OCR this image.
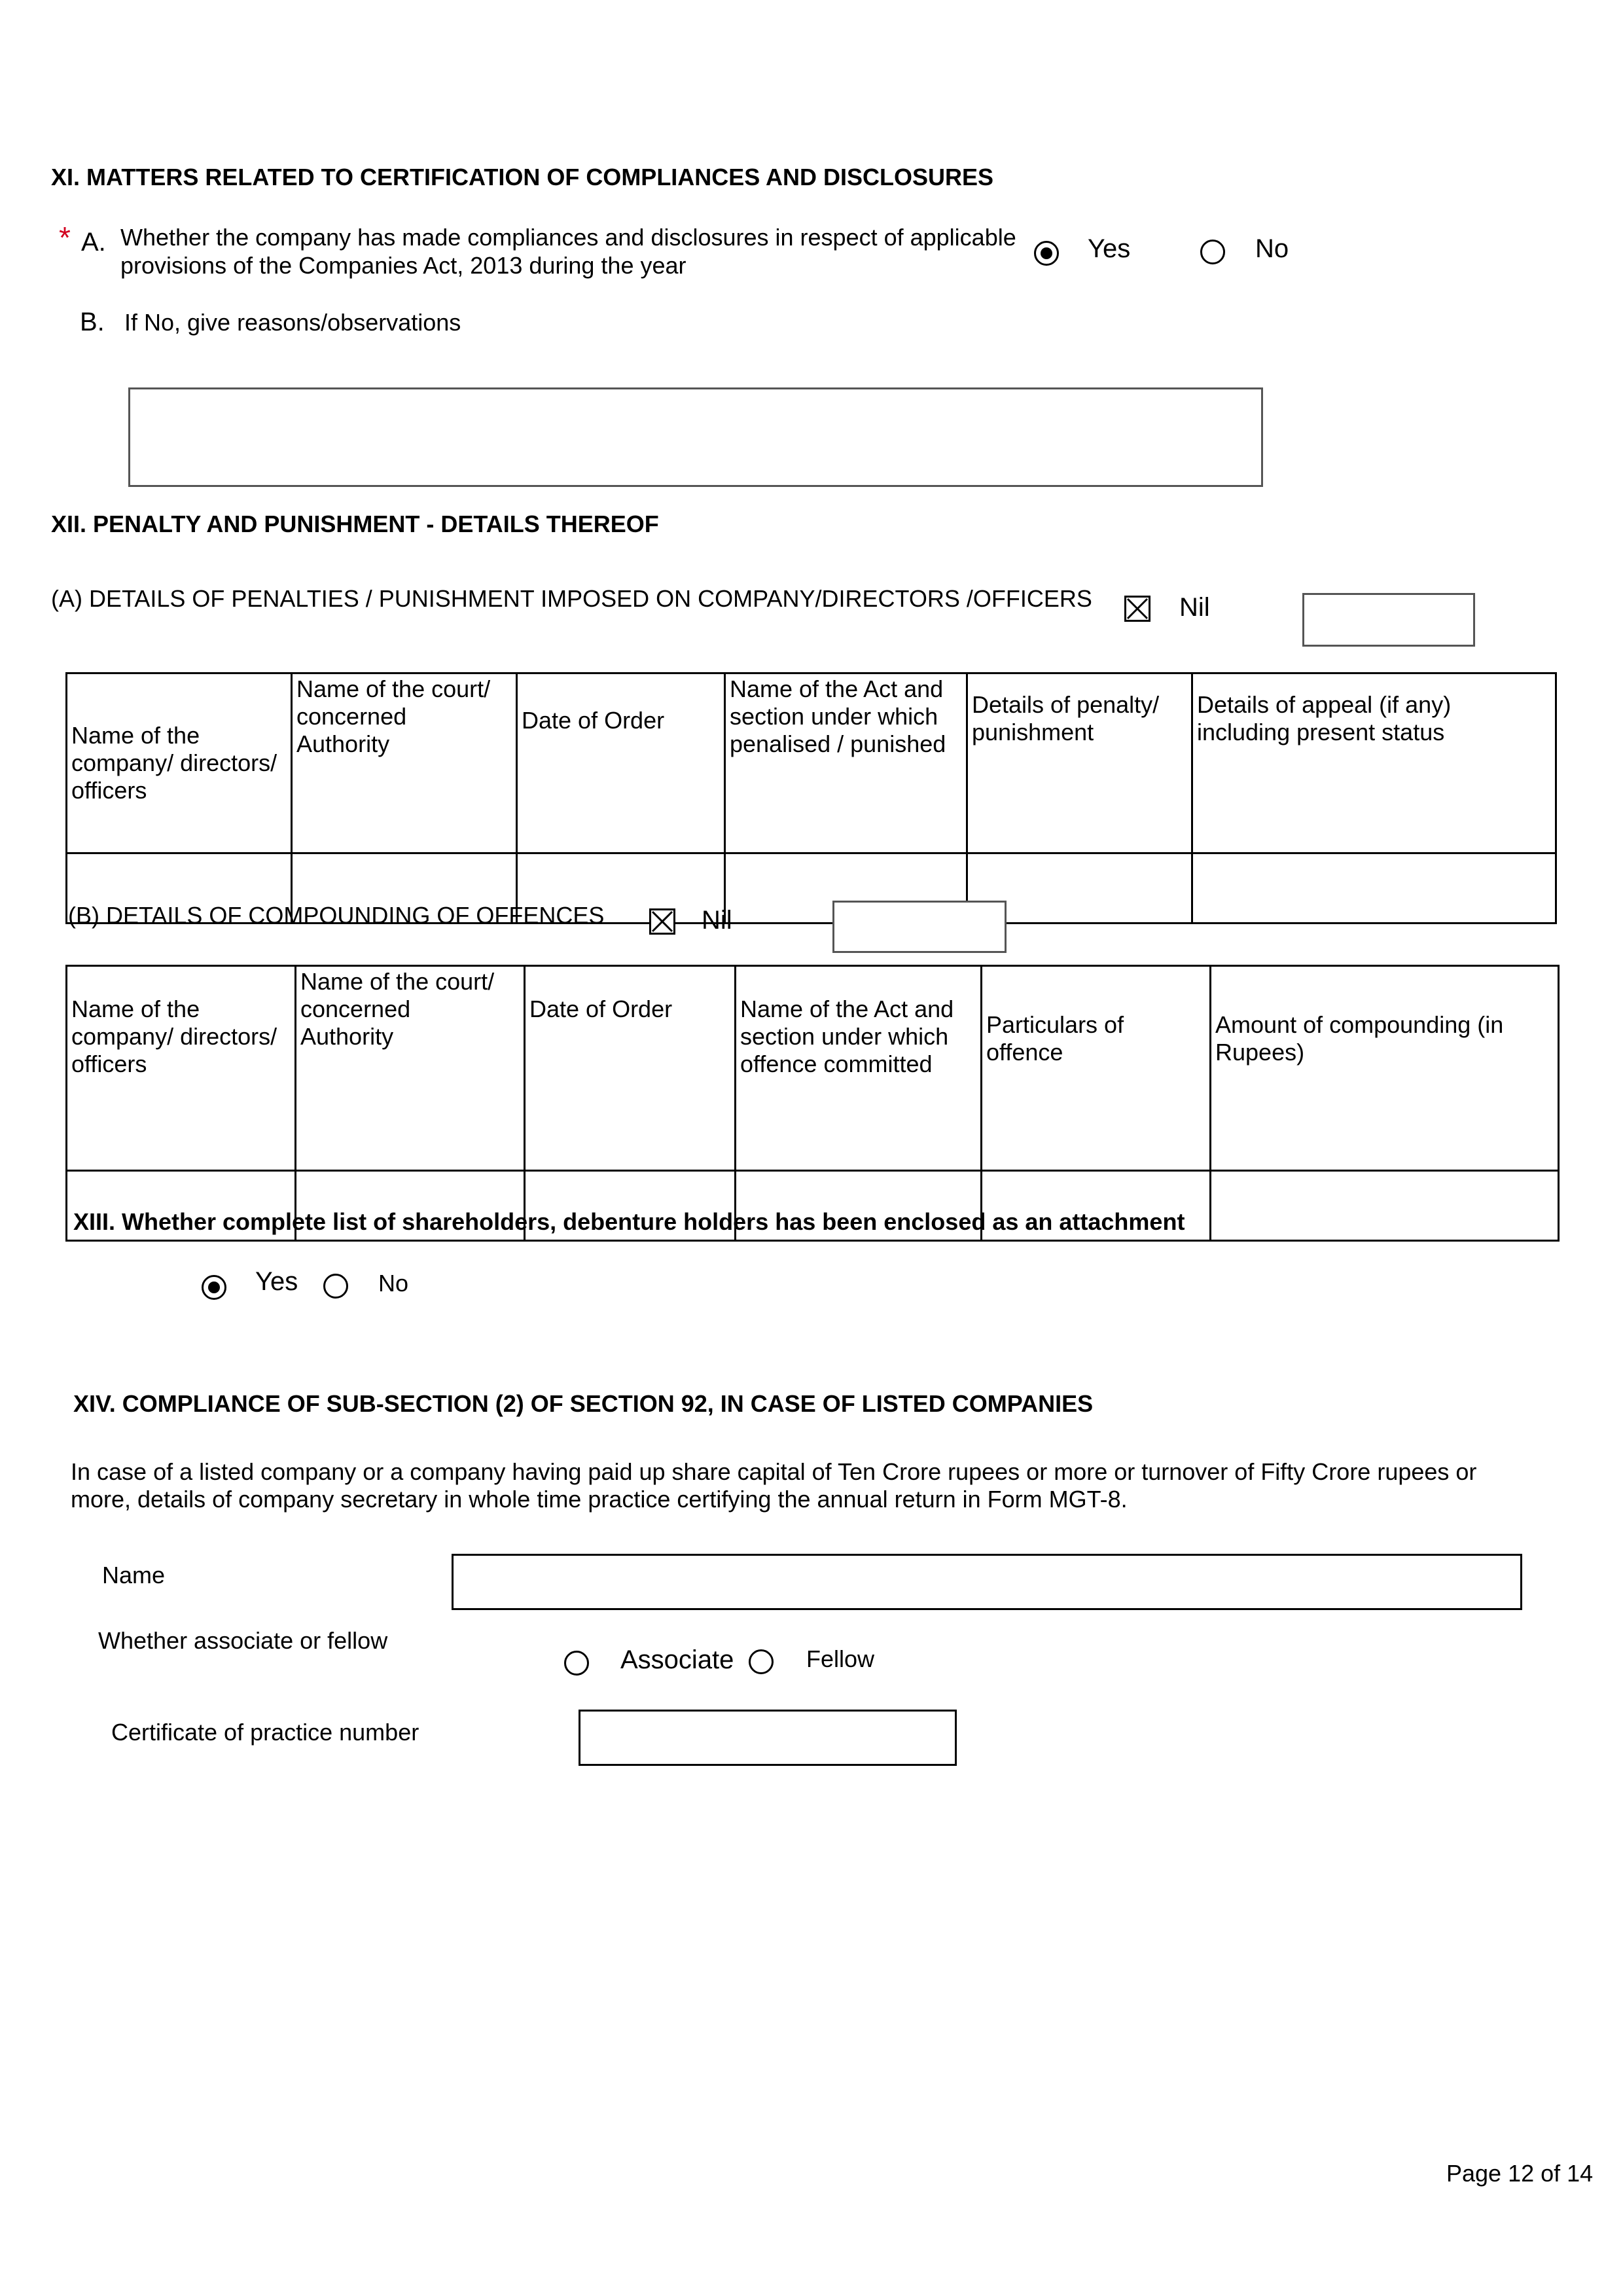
XI. MATTERS RELATED TO CERTIFICATION OF COMPLIANCES AND DISCLOSURES
* A. Whether the company has made compliances and disclosures in respect of applicable
provisions of the Companies Act, 2013 during the year
Yes	No
B. If No, give reasons/observations
XII. PENALTY AND PUNISHMENT - DETAILS THEREOF
(A) DETAILS OF PENALTIES / PUNISHMENT IMPOSED ON COMPANY/DIRECTORS /OFFICERS	Nil
Name of the
company/ directors/
officers	Name of the court/
concerned
Authority	Date of Order	Name of the Act and
section under which
penalised / punished	Details of penalty/
punishment	Details of appeal (if any)
including present status

(B) DETAILS OF COMPOUNDING OF OFFENCES	Nil
Name of the
company/ directors/
officers	Name of the court/
concerned
Authority	Date of Order	Name of the Act and
section under which
offence committed	Particulars of
offence	Amount of compounding (in
Rupees)

XIII. Whether complete list of shareholders, debenture holders has been enclosed as an attachment
Yes	No
XIV. COMPLIANCE OF SUB-SECTION (2) OF SECTION 92, IN CASE OF LISTED COMPANIES
In case of a listed company or a company having paid up share capital of Ten Crore rupees or more or turnover of Fifty Crore rupees or
more, details of company secretary in whole time practice certifying the annual return in Form MGT-8.
Name
Whether associate or fellow
Associate	Fellow
Certificate of practice number
Page 12 of 14
